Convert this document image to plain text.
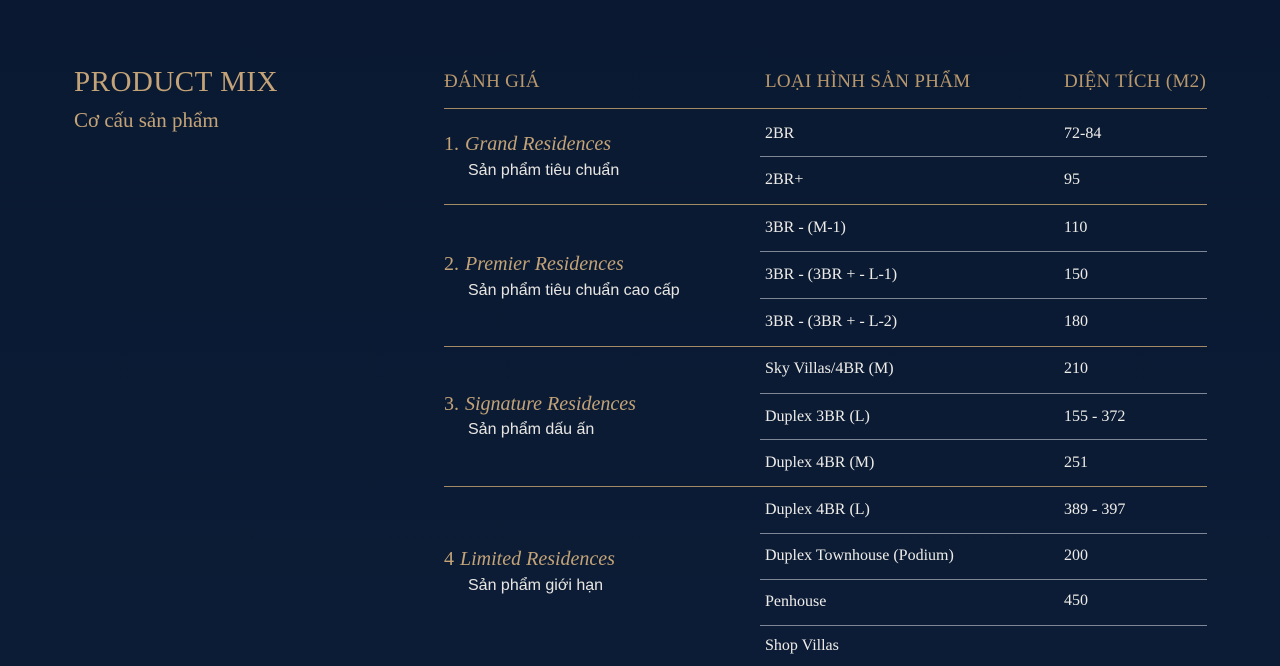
PRODUCT MIX
Cơ cấu sản phẩm
ĐÁNH GIÁ	LOẠI HÌNH SẢN PHẨM	DIỆN TÍCH (M2)
1. Grand Residences
Sản phẩm tiêu chuẩn
2BR	72-84
2BR+	95
2. Premier Residences
Sản phẩm tiêu chuẩn cao cấp
3BR - (M-1)	110
3BR - (3BR + - L-1)	150
3BR - (3BR + - L-2)	180
3. Signature Residences
Sản phẩm dấu ấn
Sky Villas/4BR (M)	210
Duplex 3BR (L)	155 - 372
Duplex 4BR (M)	251
4 Limited Residences
Sản phẩm giới hạn
Duplex 4BR (L)	389 - 397
Duplex Townhouse (Podium)	200
Penhouse	450
Shop Villas
